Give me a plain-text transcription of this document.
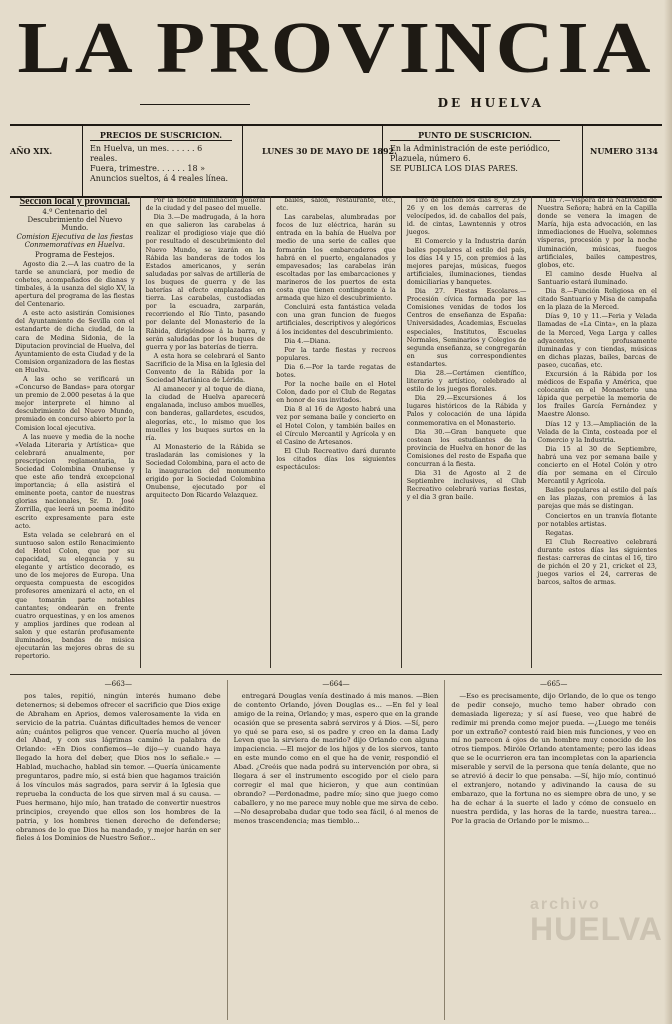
LA PROVINCIA
DE HUELVA
AÑO XIX.
PRECIOS DE SUSCRICION.
En Huelva, un mes. . . . . . 6 reales.
Fuera, trimestre. . . . . . 18 »
Anuncios sueltos, á 4 reales línea.
LUNES 30 DE MAYO DE 1892.
PUNTO DE SUSCRICION.
En la Administración de este periódico,
Plazuela, número 6.
SE PUBLICA LOS DIAS PARES.
NUMERO 3134
Seccion local y provincial.
4.º Centenario del Descubrimiento del Nuevo Mundo.
Comision Ejecutiva de las fiestas Conmemorativas en Huelva.
Programa de Festejos.

Agosto dia 2.—A las cuatro de la tarde se anunciará, por medio de cohetes, acompañados de dianas y timbales, á la usanza del siglo XV, la apertura del programa de las fiestas del Centenario.

A este acto asistirán Comisiones del Ayuntamiento de Sevilla con el estandarte de dicha ciudad, de la cara de Medina Sidonia, de la Diputacion provincial de Huelva, del Ayuntamiento de esta Ciudad y de la Comision organizadora de las fiestas en Huelva.

A las ocho se verificará un «Concurso de Bandas» para otorgar un premio de 2.000 pesetas á la que mejor interprete el himno al descubrimiento del Nuevo Mundo, premiado en concurso abierto por la Comision local ejecutiva.

A las nueve y media de la noche «Velada Literaria y Artística» que celebrará anualmente, por prescripcion reglamentaria, la Sociedad Colombina Onubense y que este año tendrá excepcional importancia; á ella asistirá el eminente poeta, cantor de nuestras glorias nacionales, Sr. D. José Zorrilla, que leerá un poema inédito escrito expresamente para este acto.

Esta velada se celebrará en el suntuoso salon estilo Renacimiento del Hotel Colon, que por su capacidad, su elegancia y su elegante y artístico decorado, es uno de los mejores de Europa. Una orquesta compuesta de escogidos profesores amenizará el acto, en el que tomarán parte notables cantantes; ondearán en frente cuatro orquestinas, y en los amenos y amplios jardines que rodean al salon y que estarán profusamente iluminados, bandas de música ejecutarán las mejores obras de su repertorio.

Por la noche iluminación general de la ciudad y del paseo del muelle.

Dia 3.—De madrugada, á la hora en que salieron las carabelas á realizar el prodigioso viaje que dió por resultado el descubrimiento del Nuevo Mundo, se izarán en la Rábida las banderas de todos los Estados americanos, y serán saludadas por salvas de artillería de los buques de guerra y de las baterías al efecto emplazadas en tierra. Las carabelas, custodiadas por la escuadra, zarparán, recorriendo el Río Tinto, pasando por delante del Monasterio de la Rábida, dirigiéndose á la barra, y serán saludadas por los buques de guerra y por las baterías de tierra.

A esta hora se celebrará el Santo Sacrificio de la Misa en la Iglesia del Convento de la Rábida por la Sociedad Mariánica de Lérida.

Al amanecer y al toque de diana, la ciudad de Huelva aparecerá engalanada, incluso ambos muelles, con banderas, gallardetes, escudos, alegorías, etc., lo mismo que los muelles y los buques surtos en la ría.

Al Monasterio de la Rábida se trasladarán las comisiones y la Sociedad Colombina, para el acto de la inauguracion del monumento erigido por la Sociedad Colombina Onubense, ejecutado por el arquitecto Don Ricardo Velazquez.

bailes, salón, restaurante, etc., etc.

Las carabelas, alumbradas por focos de luz eléctrica, harán su entrada en la bahía de Huelva por medio de una serie de calles que formarán los embarcaderos que habrá en el puerto, engalanados y empavesados; las carabelas irán escoltadas por las embarcaciones y marineros de los puertos de esta costa que tienen contingente á la armada que hizo el descubrimiento.

Concluirá esta fantástica velada con una gran funcion de fuegos artificiales, descriptivos y alegóricos á los incidentes del descubrimiento.

Dia 4.—Diana.

Por la tarde fiestas y recreos populares.

Dia 6.—Por la tarde regatas de botes.

Por la noche baile en el Hotel Colon, dado por el Club de Regatas en honor de sus invitados.

Dia 8 al 16 de Agosto habrá una vez por semana baile y concierto en el Hotel Colon, y también bailes en el Círculo Mercantil y Agrícola y en el Casino de Artesanos.

El Club Recreativo dará durante los citados días los siguientes espectáculos:

Tiro de pichón los días 8, 9, 23 y 26 y en los demás carreras de velocípedos, id. de caballos del país, id. de cintas, Lawntennis y otros juegos.

El Comercio y la Industria darán bailes populares al estilo del país, los días 14 y 15, con premios á las mejores parejas, músicas, fuegos artificiales, iluminaciones, tiendas domiciliarias y banquetes.

Dia 27. Fiestas Escolares.—Procesión cívica formada por las Comisiones venidas de todos los Centros de enseñanza de España: Universidades, Academias, Escuelas especiales, Institutos, Escuelas Normales, Seminarios y Colegios de segunda enseñanza, se congregarán en sus correspondientes estandartes.

Dia 28.—Certámen científico, literario y artístico, celebrado al estilo de los juegos florales.

Dia 29.—Excursiones á los lugares históricos de la Rábida y Palos y colocación de una lápida conmemorativa en el Monasterio.

Dia 30.—Gran banquete que costean los estudiantes de la provincia de Huelva en honor de las Comisiones del resto de España que concurran á la fiesta.

Dia 31 de Agosto al 2 de Septiembre inclusives, el Club Recreativo celebrará varias fiestas, y el dia 3 gran baile.

Dia 7.—Víspera de la Natividad de Nuestra Señora; habrá en la Capilla donde se venera la imagen de María, hija esta advocación, en las inmediaciones de Huelva, solemnes vísperas, procesión y por la noche iluminación, músicas, fuegos artificiales, bailes campestres, globos, etc.

El camino desde Huelva al Santuario estará iluminado.

Dia 8.—Función Religiosa en el citado Santuario y Misa de campaña en la plaza de la Merced.

Días 9, 10 y 11.—Feria y Velada llamadas de «La Cinta», en la plaza de la Merced, Vega Larga y calles adyacentes, profusamente iluminadas y con tiendas, músicas en dichas plazas, bailes, barcas de paseo, cucañas, etc.

Excursión á la Rábida por los médicos de España y América, que colocarán en el Monasterio una lápida que perpetúe la memoria de los frailes García Fernández y Maestre Alonso.

Días 12 y 13.—Ampliación de la Velada de la Cinta, costeada por el Comercio y la Industria.

Dia 15 al 30 de Septiembre, habrá una vez por semana baile y concierto en el Hotel Colón y otro día por semana en el Círculo Mercantil y Agrícola.

Bailes populares al estilo del país en las plazas, con premios á las parejas que más se distingan.

Conciertos en un tranvía flotante por notables artistas.

Regatas.

El Club Recreativo celebrará durante estos días las siguientes fiestas: carreras de cintas el 16, tiro de pichón el 20 y 21, cricket el 23, juegos varios el 24, carreras de barcos, saltos de armas.

—663—

pos tales, repitió, ningún interés humano debe detenernos; si debemos ofrecer el sacrificio que Dios exige de Abraham en Aprios, demos valerosamente la vida en servicio de la patria. Cuántas dificultades hemos de vencer aún; cuántos peligros que vencer. Quería mucho al jóven del Abad, y con sus lágrimas caminó la palabra de Orlando: «En Dios confiemos—le dijo—y cuando haya llegado la hora del deber, que Dios nos lo señale.» —Hablad, muchacho, hablad sin temor. —Quería únicamente preguntaros, padre mío, si está bien que hagamos traición á los vínculos más sagrados, para servir á la Iglesia que reprueba la conducta de los que sirven mal á su causa. —Pues hermano, hijo mío, han tratado de convertir nuestros principios, creyendo que ellos son los hombres de la patria, y los hombres tienen derecho de defenderse; obramos de lo que Dios ha mandado, y mejor harán en ser fieles á los Dominios de Nuestro Señor...

—664—

entregará Douglas venía destinado á mis manos. —Bien de contento Orlando, jóven Douglas es... —En fel y leal amigo de la reina, Orlando; y mas, espero que en la grande ocasión que se presenta sabrá serviros y á Dios. —Sí, pero yo qué se para eso, si os padre y creo en la dama Lady Leven que la sirviera de marido? dijo Orlando con alguna impaciencia. —El mejor de los hijos y de los siervos, tanto en este mundo como en el que ha de venir, respondió el Abad. ¿Creéis que nada podrá su intervención por obra, si llegara á ser el instrumento escogido por el cielo para corregir el mal que hicieron, y que aun continúan obrando? —Perdonadme, padre mío; sino que juego como caballero, y no me parece muy noble que me sirva de cebo. —No desaprobaba dudar que todo sea fácil, ó al menos de menos trascendencia; mas tiemblo...

—665—

—Eso es precisamente, dijo Orlando, de lo que os tengo de pedir consejo, mucho temo haber obrado con demasiada ligereza; y sí así fuese, veo que habré de redimir mi prenda como mejor pueda. —¿Luego me tenéis por un extraño? contestó raid bien mis funciones, y veo en mí no parecen á ojos de un hombre muy conocido de los otros tiempos. Miróle Orlando atentamente; pero las ideas que se le ocurrieron era tan incompletas con la apariencia miserable y servil de la persona que tenía delante, que no se atrevió á decir lo que pensaba. —Sí, hijo mío, continuó el extranjero, notando y adivinando la causa de su embarazo, que la fortuna no es siempre obra de uno, y se ha de echar á la suerte el lado y cómo de consuelo en nuestra perdida, y las horas de la tarde, nuestra tarea... Por la gracia de Orlando por le mismo...

archivo
HUELVA
